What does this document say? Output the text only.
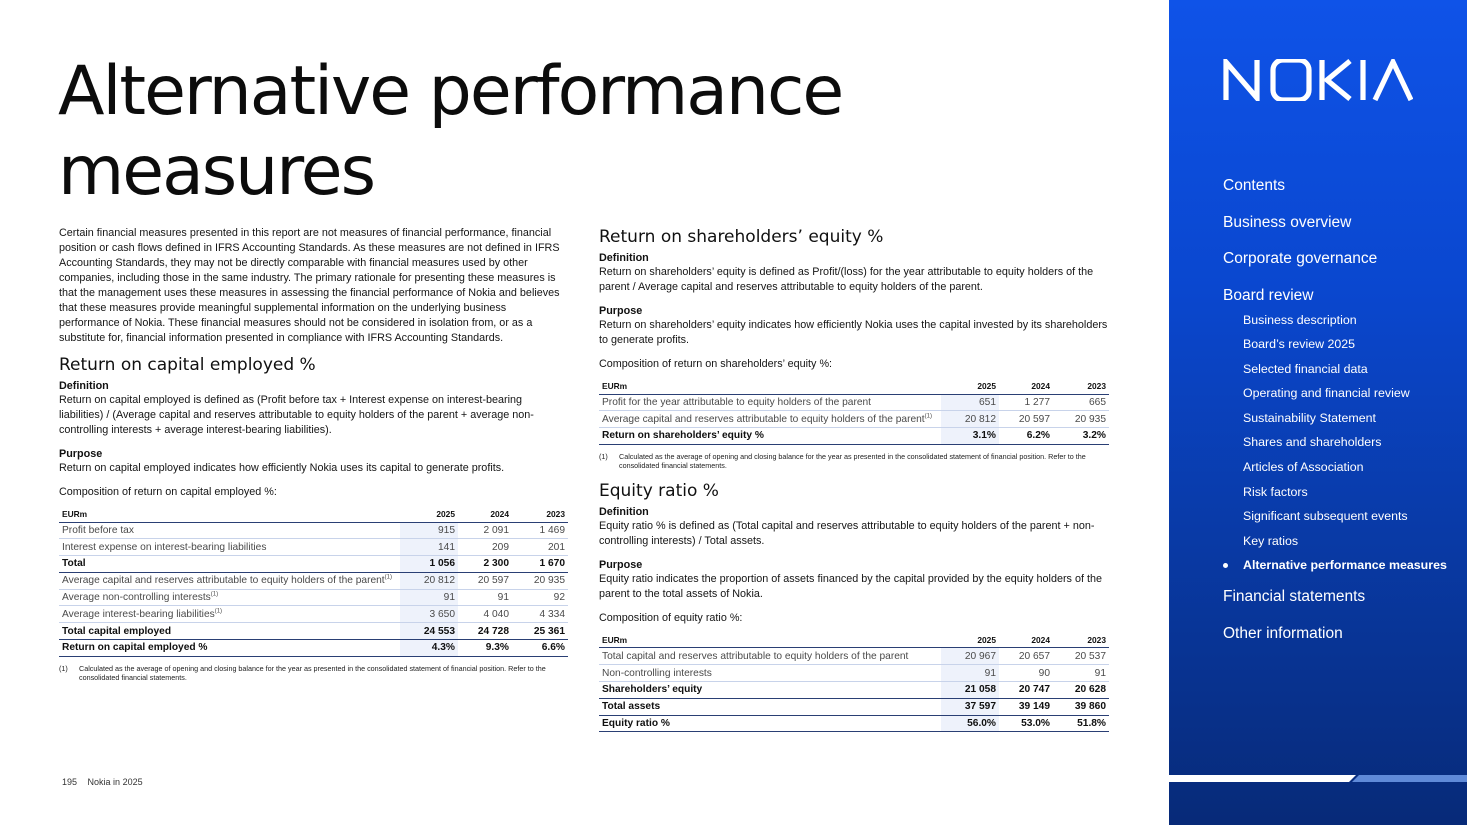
Alternative performance measures

Certain financial measures presented in this report are not measures of financial performance, financial position or cash flows defined in IFRS Accounting Standards. As these measures are not defined in IFRS Accounting Standards, they may not be directly comparable with financial measures used by other companies, including those in the same industry. The primary rationale for presenting these measures is that the management uses these measures in assessing the financial performance of Nokia and believes that these measures provide meaningful supplemental information on the underlying business performance of Nokia. These financial measures should not be considered in isolation from, or as a substitute for, financial information presented in compliance with IFRS Accounting Standards.

Return on capital employed %
Definition

Return on capital employed is defined as (Profit before tax + Interest expense on interest-bearing liabilities) / (Average capital and reserves attributable to equity holders of the parent + average non-controlling interests + average interest-bearing liabilities).

Purpose

Return on capital employed indicates how efficiently Nokia uses its capital to generate profits.

Composition of return on capital employed %:

EURm	2025	2024	2023
Profit before tax	915	2 091	1 469
Interest expense on interest-bearing liabilities	141	209	201
Total	1 056	2 300	1 670
Average capital and reserves attributable to equity holders of the parent$^{(1)}$	20 812	20 597	20 935
Average non-controlling interests$^{(1)}$	91	91	92
Average interest-bearing liabilities$^{(1)}$	3 650	4 040	4 334
Total capital employed	24 553	24 728	25 361
Return on capital employed %	4.3%	9.3%	6.6%
(1)	Calculated as the average of opening and closing balance for the year as presented in the consolidated statement of financial position. Refer to the consolidated financial statements.
Return on shareholders’ equity %
Definition

Return on shareholders’ equity is defined as Profit/(loss) for the year attributable to equity holders of the parent / Average capital and reserves attributable to equity holders of the parent.

Purpose

Return on shareholders’ equity indicates how efficiently Nokia uses the capital invested by its shareholders to generate profits.

Composition of return on shareholders’ equity %:

EURm	2025	2024	2023
Profit for the year attributable to equity holders of the parent	651	1 277	665
Average capital and reserves attributable to equity holders of the parent$^{(1)}$	20 812	20 597	20 935
Return on shareholders’ equity %	3.1%	6.2%	3.2%
(1)	Calculated as the average of opening and closing balance for the year as presented in the consolidated statement of financial position. Refer to the consolidated financial statements.
Equity ratio %
Definition

Equity ratio % is defined as (Total capital and reserves attributable to equity holders of the parent + non-controlling interests) / Total assets.

Purpose

Equity ratio indicates the proportion of assets financed by the capital provided by the equity holders of the parent to the total assets of Nokia.

Composition of equity ratio %:

EURm	2025	2024	2023
Total capital and reserves attributable to equity holders of the parent	20 967	20 657	20 537
Non-controlling interests	91	90	91
Shareholders’ equity	21 058	20 747	20 628
Total assets	37 597	39 149	39 860
Equity ratio %	56.0%	53.0%	51.8%
195 Nokia in 2025
Contents
Business overview
Corporate governance
Board review
Business description
Board’s review 2025
Selected financial data
Operating and financial review
Sustainability Statement
Shares and shareholders
Articles of Association
Risk factors
Significant subsequent events
Key ratios
Alternative performance measures
Financial statements
Other information
